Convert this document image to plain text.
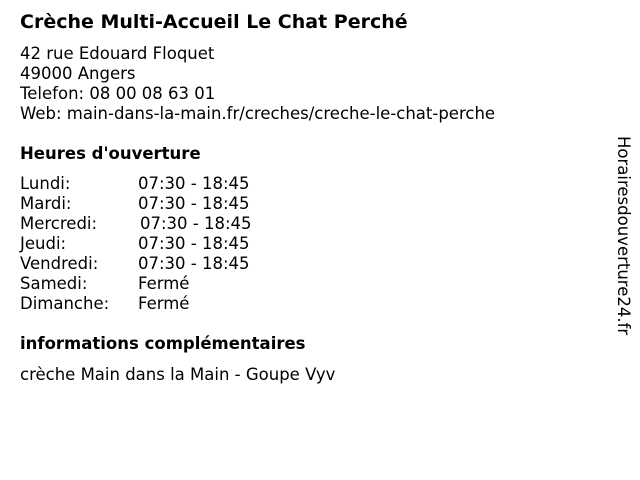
Crèche Multi-Accueil Le Chat Perché
42 rue Edouard Floquet
49000 Angers
Telefon: 08 00 08 63 01
Web: main-dans-la-main.fr/creches/creche-le-chat-perche
Heures d'ouverture
Lundi:	07:30 - 18:45
Mardi:	07:30 - 18:45
Mercredi:	07:30 - 18:45
Jeudi:	07:30 - 18:45
Vendredi: 07:30 - 18:45
Samedi:	Fermé
Dimanche: Fermé
informations complémentaires
crèche Main dans la Main - Goupe Vyv
Horairesdouverture24.fr
